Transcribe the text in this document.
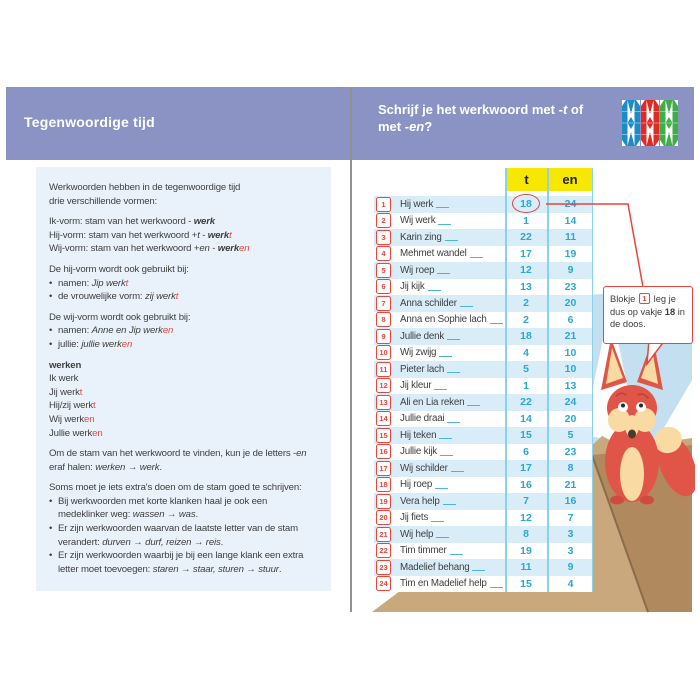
Tegenwoordige tijd
Schrijf je het werkwoord met -t of
met -en?
Werkwoorden hebben in de tegenwoordige tijd
drie verschillende vormen:
Ik-vorm: stam van het werkwoord - werk
Hij-vorm: stam van het werkwoord +t - werkt
Wij-vorm: stam van het werkwoord +en - werken
De hij-vorm wordt ook gebruikt bij:
• namen: Jip werkt
• de vrouwelijke vorm: zij werkt
De wij-vorm wordt ook gebruikt bij:
• namen: Anne en Jip werken
• jullie: jullie werken
werken
Ik werk
Jij werkt
Hij/zij werkt
Wij werken
Jullie werken
Om de stam van het werkwoord te vinden, kun je de letters -en
eraf halen: werken → werk.
Soms moet je iets extra's doen om de stam goed te schrijven:
• Bij werkwoorden met korte klanken haal je ook een
medeklinker weg: wassen → was.
• Er zijn werkwoorden waarvan de laatste letter van de stam
verandert: durven → durf, reizen → reis.
• Er zijn werkwoorden waarbij je bij een lange klank een extra
letter moet toevoegen: staren → staar, sturen → stuur.
t	en
1	Hij werk	18	24
2	Wij werk	1	14
3	Karin zing	22	11
4	Mehmet wandel	17	19
5	Wij roep	12	9
6	Jij kijk	13	23
7	Anna schilder	2	20
8	Anna en Sophie lach	2	6
9	Jullie denk	18	21
10	Wij zwijg	4	10
11	Pieter lach	5	10
12	Jij kleur	1	13
13	Ali en Lia reken	22	24
14	Jullie draai	14	20
15	Hij teken	15	5
16	Jullie kijk	6	23
17	Wij schilder	17	8
18	Hij roep	16	21
19	Vera help	7	16
20	Jij fiets	12	7
21	Wij help	8	3
22	Tim timmer	19	3
23	Madelief behang	11	9
24	Tim en Madelief help	15	4
Blokje 1 leg je dus op vakje 18 in de doos.
